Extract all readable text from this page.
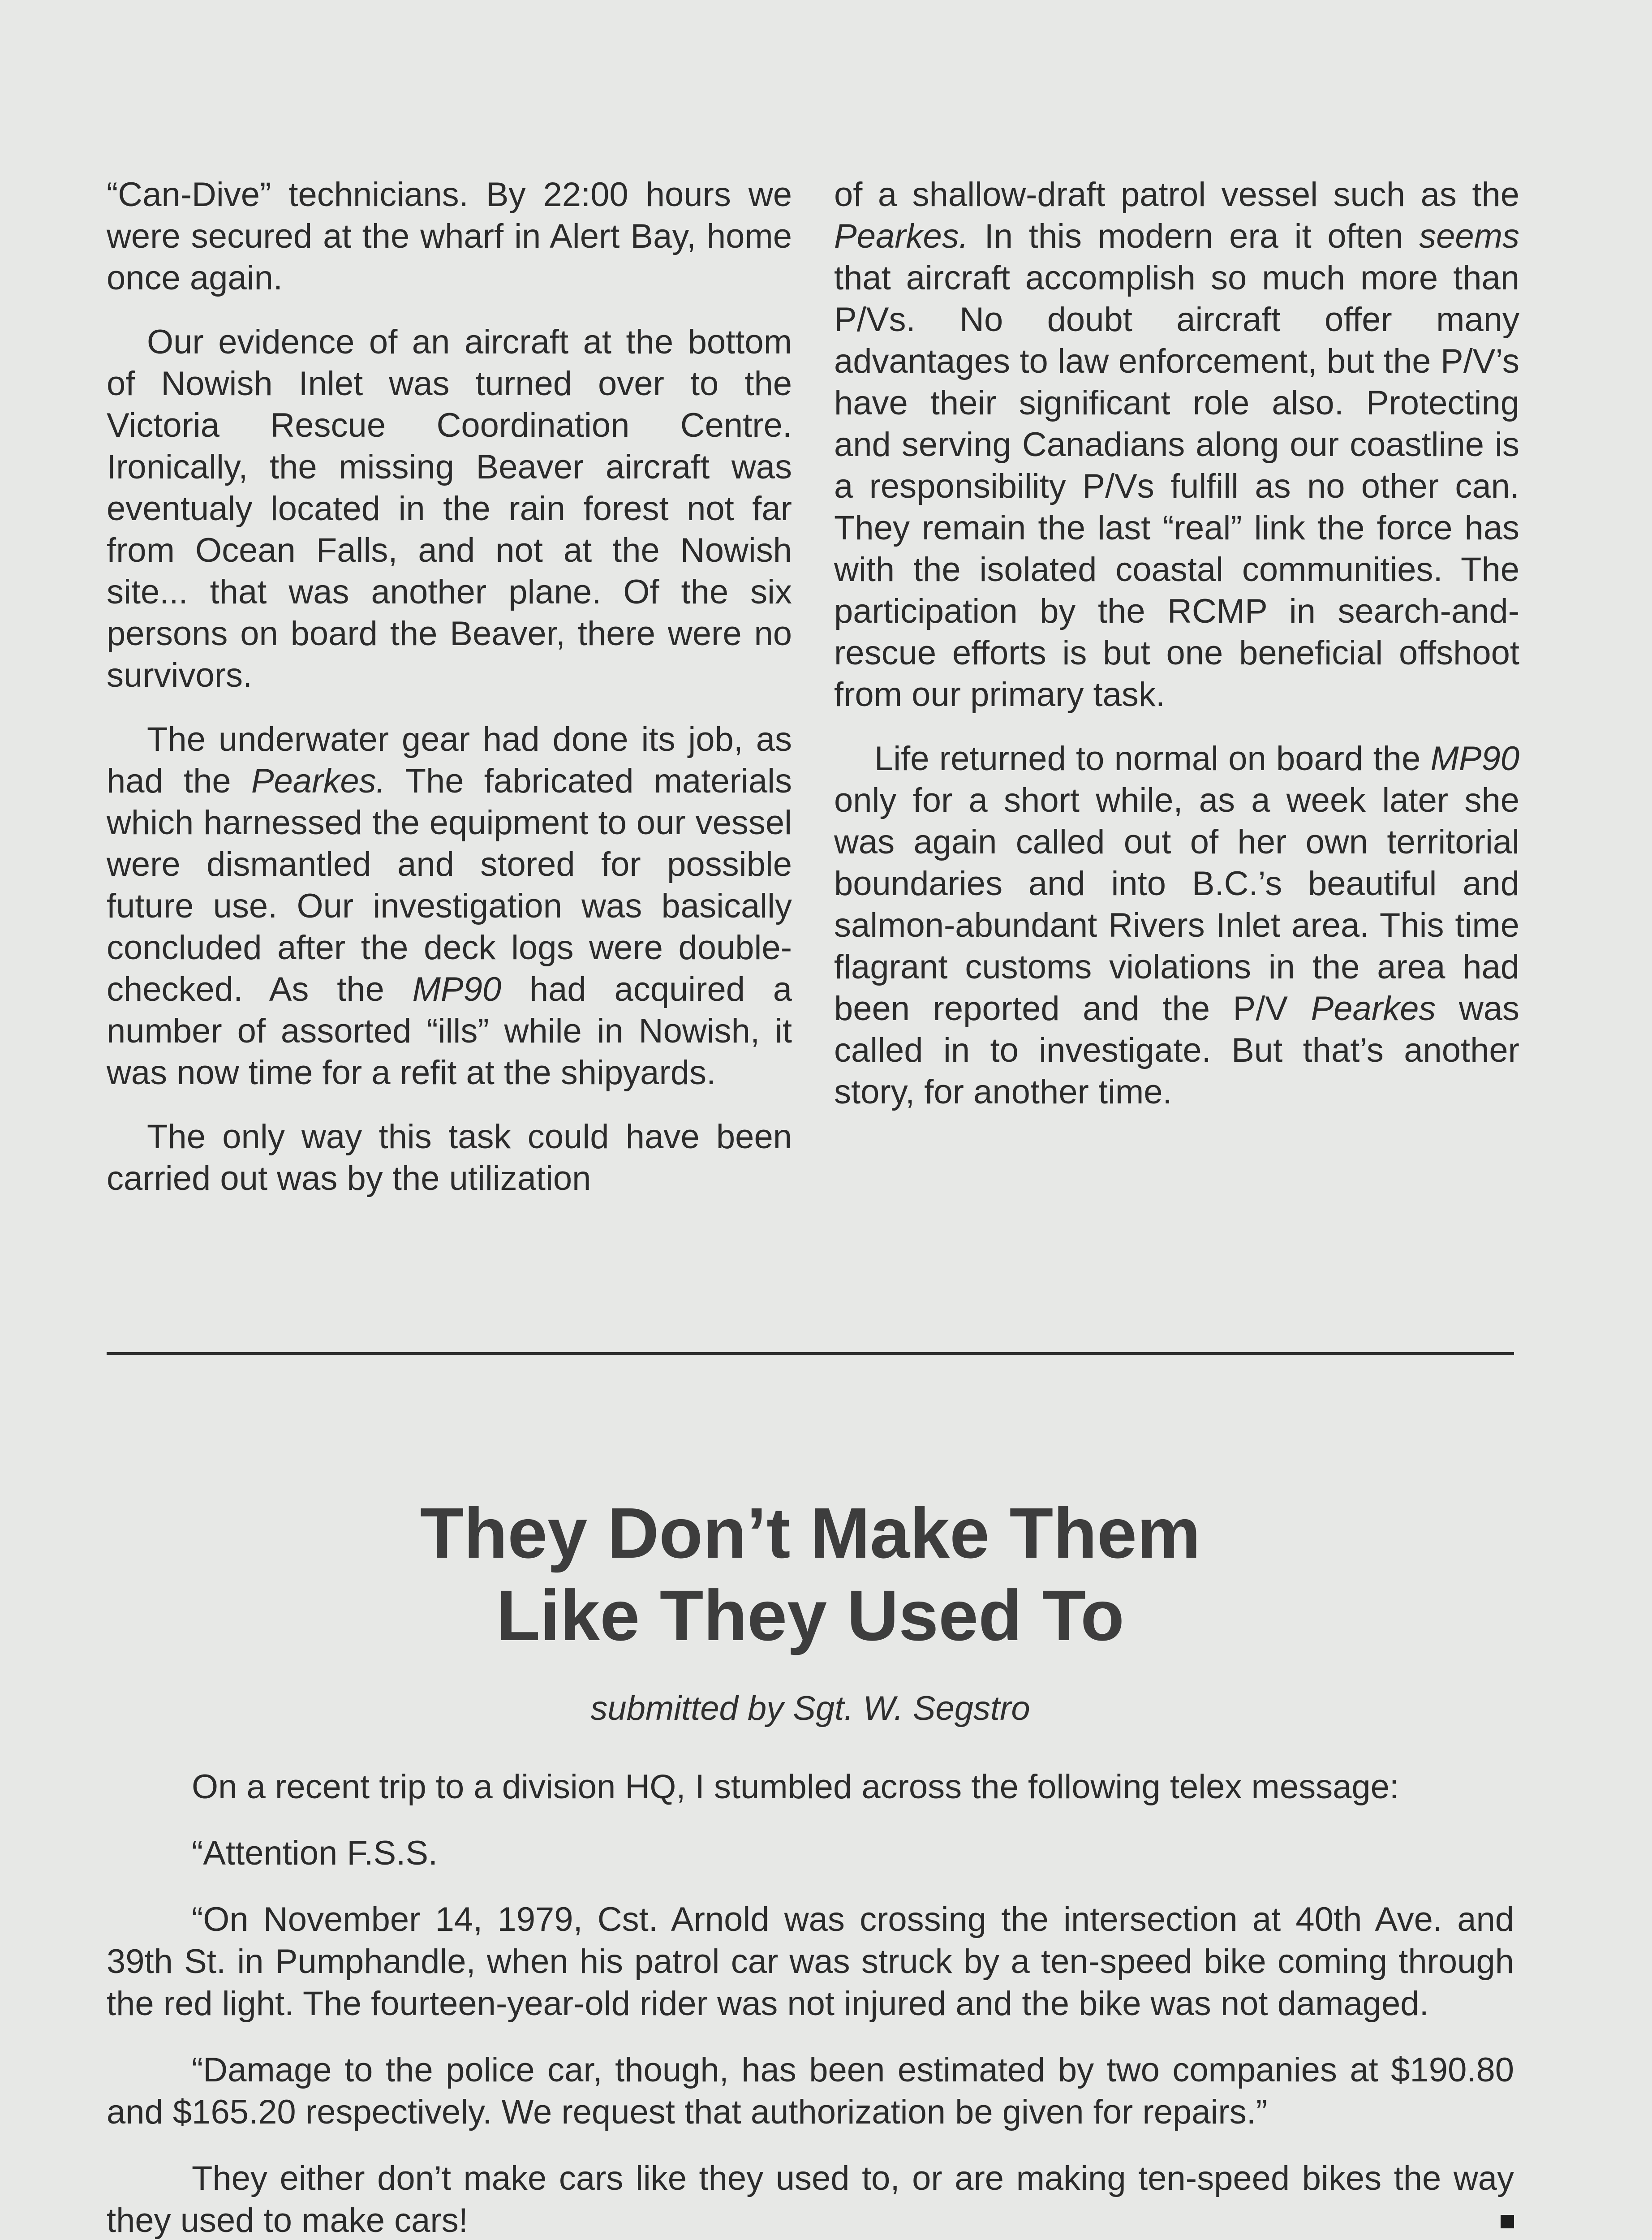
“Can-Dive” technicians. By 22:00 hours we were secured at the wharf in Alert Bay, home once again.

Our evidence of an aircraft at the bottom of Nowish Inlet was turned over to the Victoria Rescue Coordination Centre. Ironically, the missing Beaver aircraft was eventualy located in the rain forest not far from Ocean Falls, and not at the Nowish site... that was another plane. Of the six persons on board the Beaver, there were no survivors.

The underwater gear had done its job, as had the Pearkes. The fabricated materials which harnessed the equipment to our vessel were dismantled and stored for possible future use. Our investigation was basically concluded after the deck logs were double-checked. As the MP90 had acquired a number of assorted “ills” while in Nowish, it was now time for a refit at the shipyards.

The only way this task could have been carried out was by the utilization

of a shallow-draft patrol vessel such as the Pearkes. In this modern era it often seems that aircraft accomplish so much more than P/Vs. No doubt aircraft offer many advantages to law enforcement, but the P/V’s have their significant role also. Protecting and serving Canadians along our coastline is a responsibility P/Vs fulfill as no other can. They remain the last “real” link the force has with the isolated coastal communities. The participation by the RCMP in search-and-rescue efforts is but one beneficial offshoot from our primary task.

Life returned to normal on board the MP90 only for a short while, as a week later she was again called out of her own territorial boundaries and into B.C.’s beautiful and salmon-abundant Rivers Inlet area. This time flagrant customs violations in the area had been reported and the P/V Pearkes was called in to investigate. But that’s another story, for another time.

They Don’t Make Them
Like They Used To
submitted by Sgt. W. Segstro

On a recent trip to a division HQ, I stumbled across the following telex message:

“Attention F.S.S.

“On November 14, 1979, Cst. Arnold was crossing the intersection at 40th Ave. and 39th St. in Pumphandle, when his patrol car was struck by a ten-speed bike coming through the red light. The fourteen-year-old rider was not injured and the bike was not damaged.

“Damage to the police car, though, has been estimated by two companies at $190.80 and $165.20 respectively. We request that authorization be given for repairs.”

They either don’t make cars like they used to, or are making ten-speed bikes the way they used to make cars!
